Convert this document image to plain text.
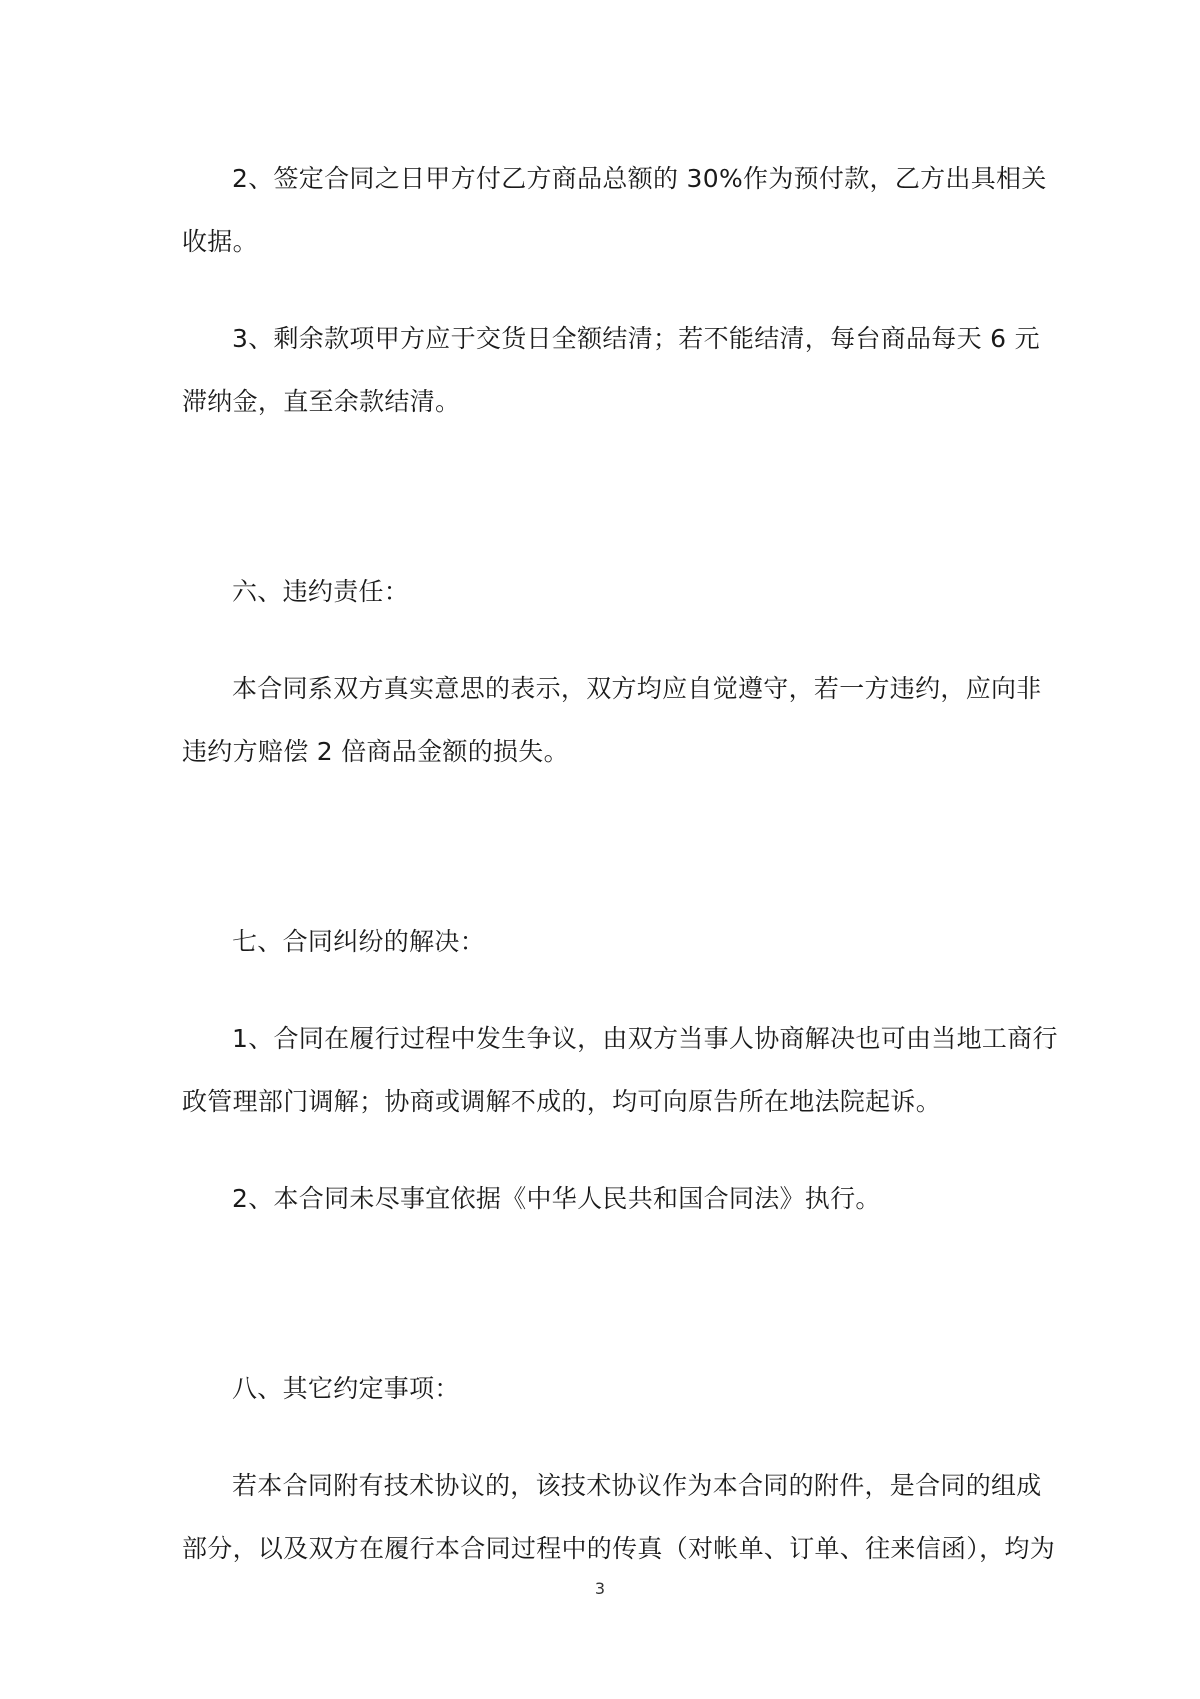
2、签定合同之日甲方付乙方商品总额的 30%作为预付款，乙方出具相关
收据。
3、剩余款项甲方应于交货日全额结清；若不能结清，每台商品每天 6 元
滞纳金，直至余款结清。
六、违约责任：
本合同系双方真实意思的表示，双方均应自觉遵守，若一方违约，应向非
违约方赔偿 2 倍商品金额的损失。
七、合同纠纷的解决：
1、合同在履行过程中发生争议，由双方当事人协商解决也可由当地工商行
政管理部门调解；协商或调解不成的，均可向原告所在地法院起诉。
2、本合同未尽事宜依据《中华人民共和国合同法》执行。
八、其它约定事项：
若本合同附有技术协议的，该技术协议作为本合同的附件，是合同的组成
部分，以及双方在履行本合同过程中的传真（对帐单、订单、往来信函），均为
3
